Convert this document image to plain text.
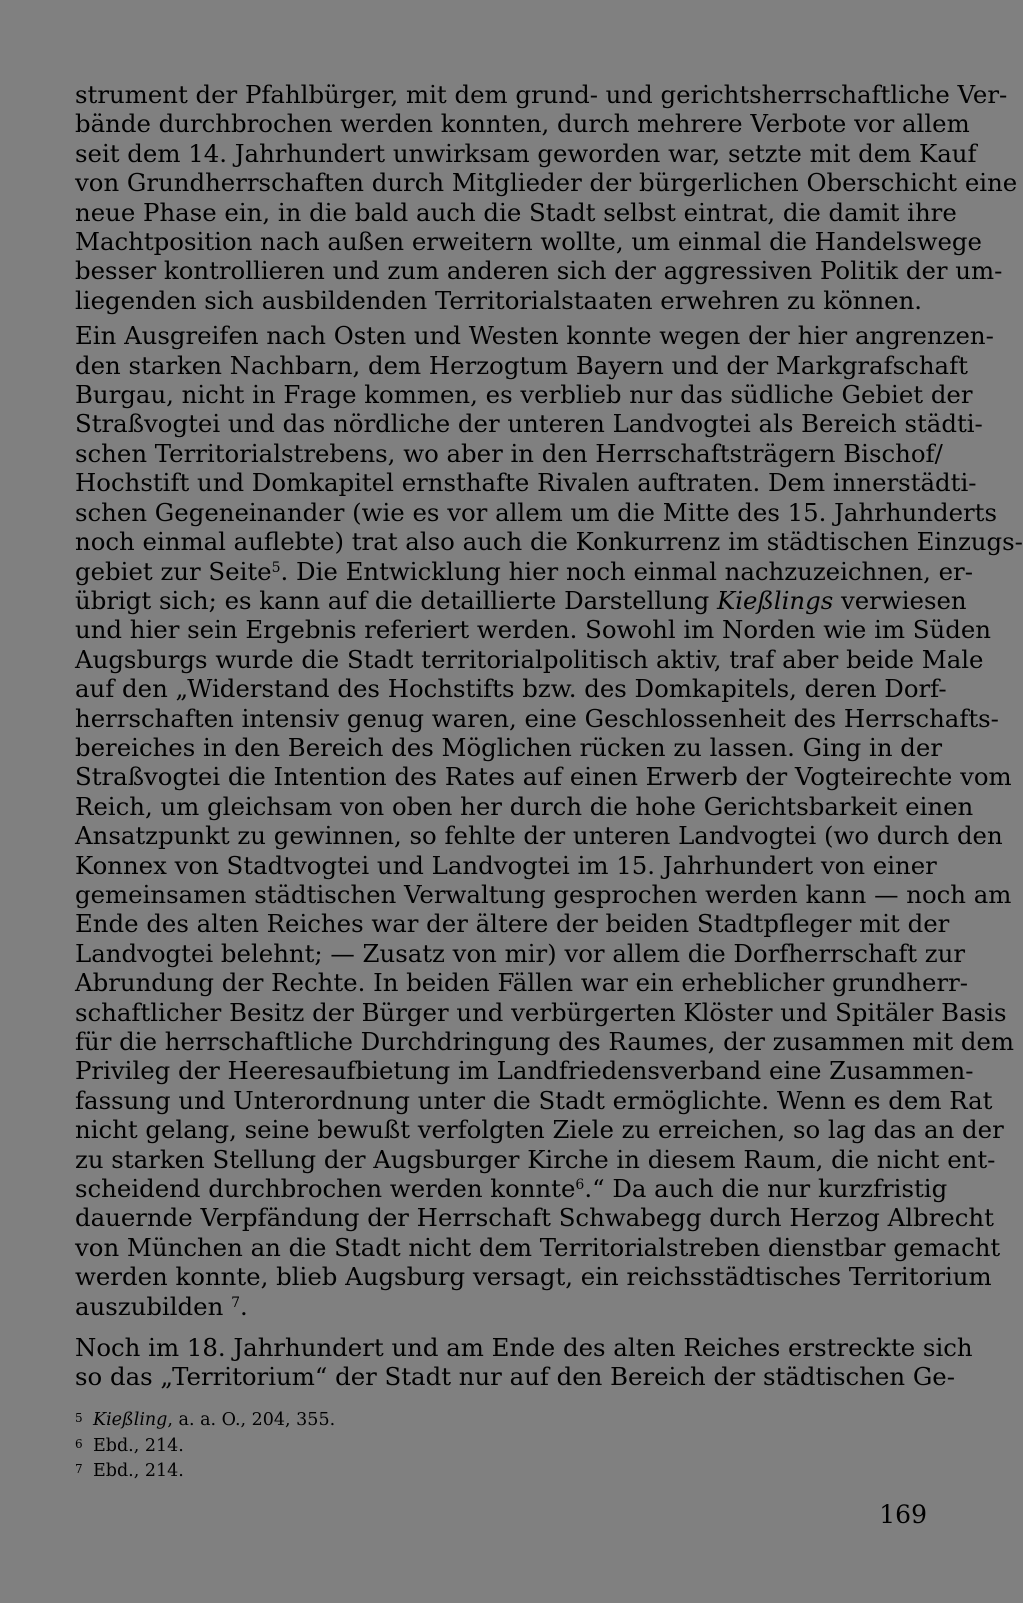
strument der Pfahlbürger, mit dem grund- und gerichtsherrschaftliche Ver-
bände durchbrochen werden konnten, durch mehrere Verbote vor allem
seit dem 14. Jahrhundert unwirksam geworden war, setzte mit dem Kauf
von Grundherrschaften durch Mitglieder der bürgerlichen Oberschicht eine
neue Phase ein, in die bald auch die Stadt selbst eintrat, die damit ihre
Machtposition nach außen erweitern wollte, um einmal die Handelswege
besser kontrollieren und zum anderen sich der aggressiven Politik der um-
liegenden sich ausbildenden Territorialstaaten erwehren zu können.

Ein Ausgreifen nach Osten und Westen konnte wegen der hier angrenzen-
den starken Nachbarn, dem Herzogtum Bayern und der Markgrafschaft
Burgau, nicht in Frage kommen, es verblieb nur das südliche Gebiet der
Straßvogtei und das nördliche der unteren Landvogtei als Bereich städti-
schen Territorialstrebens, wo aber in den Herrschaftsträgern Bischof/
Hochstift und Domkapitel ernsthafte Rivalen auftraten. Dem innerstädti-
schen Gegeneinander (wie es vor allem um die Mitte des 15. Jahrhunderts
noch einmal auflebte) trat also auch die Konkurrenz im städtischen Einzugs-
gebiet zur Seite$^5$. Die Entwicklung hier noch einmal nachzuzeichnen, er-
übrigt sich; es kann auf die detaillierte Darstellung Kießlings verwiesen
und hier sein Ergebnis referiert werden. Sowohl im Norden wie im Süden
Augsburgs wurde die Stadt territorialpolitisch aktiv, traf aber beide Male
auf den „Widerstand des Hochstifts bzw. des Domkapitels, deren Dorf-
herrschaften intensiv genug waren, eine Geschlossenheit des Herrschafts-
bereiches in den Bereich des Möglichen rücken zu lassen. Ging in der
Straßvogtei die Intention des Rates auf einen Erwerb der Vogteirechte vom
Reich, um gleichsam von oben her durch die hohe Gerichtsbarkeit einen
Ansatzpunkt zu gewinnen, so fehlte der unteren Landvogtei (wo durch den
Konnex von Stadtvogtei und Landvogtei im 15. Jahrhundert von einer
gemeinsamen städtischen Verwaltung gesprochen werden kann — noch am
Ende des alten Reiches war der ältere der beiden Stadtpfleger mit der
Landvogtei belehnt; — Zusatz von mir) vor allem die Dorfherrschaft zur
Abrundung der Rechte. In beiden Fällen war ein erheblicher grundherr-
schaftlicher Besitz der Bürger und verbürgerten Klöster und Spitäler Basis
für die herrschaftliche Durchdringung des Raumes, der zusammen mit dem
Privileg der Heeresaufbietung im Landfriedensverband eine Zusammen-
fassung und Unterordnung unter die Stadt ermöglichte. Wenn es dem Rat
nicht gelang, seine bewußt verfolgten Ziele zu erreichen, so lag das an der
zu starken Stellung der Augsburger Kirche in diesem Raum, die nicht ent-
scheidend durchbrochen werden konnte$^6$.“ Da auch die nur kurzfristig
dauernde Verpfändung der Herrschaft Schwabegg durch Herzog Albrecht
von München an die Stadt nicht dem Territorialstreben dienstbar gemacht
werden konnte, blieb Augsburg versagt, ein reichsstädtisches Territorium
auszubilden $^7$.

Noch im 18. Jahrhundert und am Ende des alten Reiches erstreckte sich
so das „Territorium“ der Stadt nur auf den Bereich der städtischen Ge-

5 Kießling, a. a. O., 204, 355.
6 Ebd., 214.
7 Ebd., 214.
169
